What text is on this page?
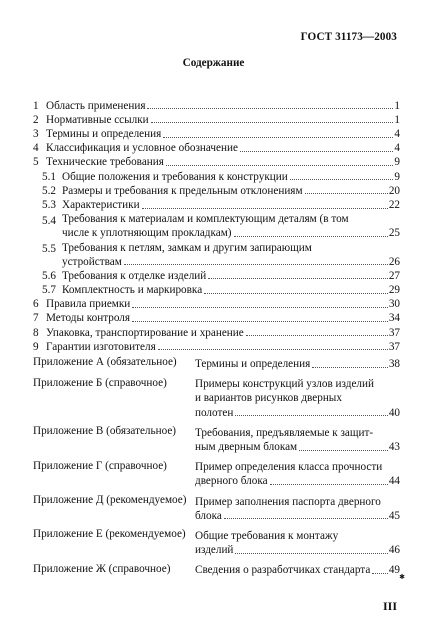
ГОСТ 31173—2003
Содержание
1 Область применения	1
2 Нормативные ссылки	1
3 Термины и определения	4
4 Классификация и условное обозначение	4
5 Технические требования	9
5.1 Общие положения и требования к конструкции	9
5.2 Размеры и требования к предельным отклонениям	20
5.3 Характеристики	22
5.4 Требования к материалам и комплектующим деталям (в том
числе к уплотняющим прокладкам)	25
5.5 Требования к петлям, замкам и другим запирающим
устройствам	26
5.6 Требования к отделке изделий	27
5.7 Комплектность и маркировка	29
6 Правила приемки	30
7 Методы контроля	34
8 Упаковка, транспортирование и хранение	37
9 Гарантии изготовителя	37
Приложение А (обязательное)	Термины и определения	38
Приложение Б (справочное)	Примеры конструкций узлов изделий
и вариантов рисунков дверных
полотен	40
Приложение В (обязательное)	Требования, предъявляемые к защит-
ным дверным блокам	43
Приложение Г (справочное)	Пример определения класса прочности
дверного блока	44
Приложение Д (рекомендуемое) Пример заполнения паспорта дверного
блока	45
Приложение Е (рекомендуемое) Общие требования к монтажу
изделий	46
Приложение Ж (справочное)	Сведения о разработчиках стандарта 49
✱
III
